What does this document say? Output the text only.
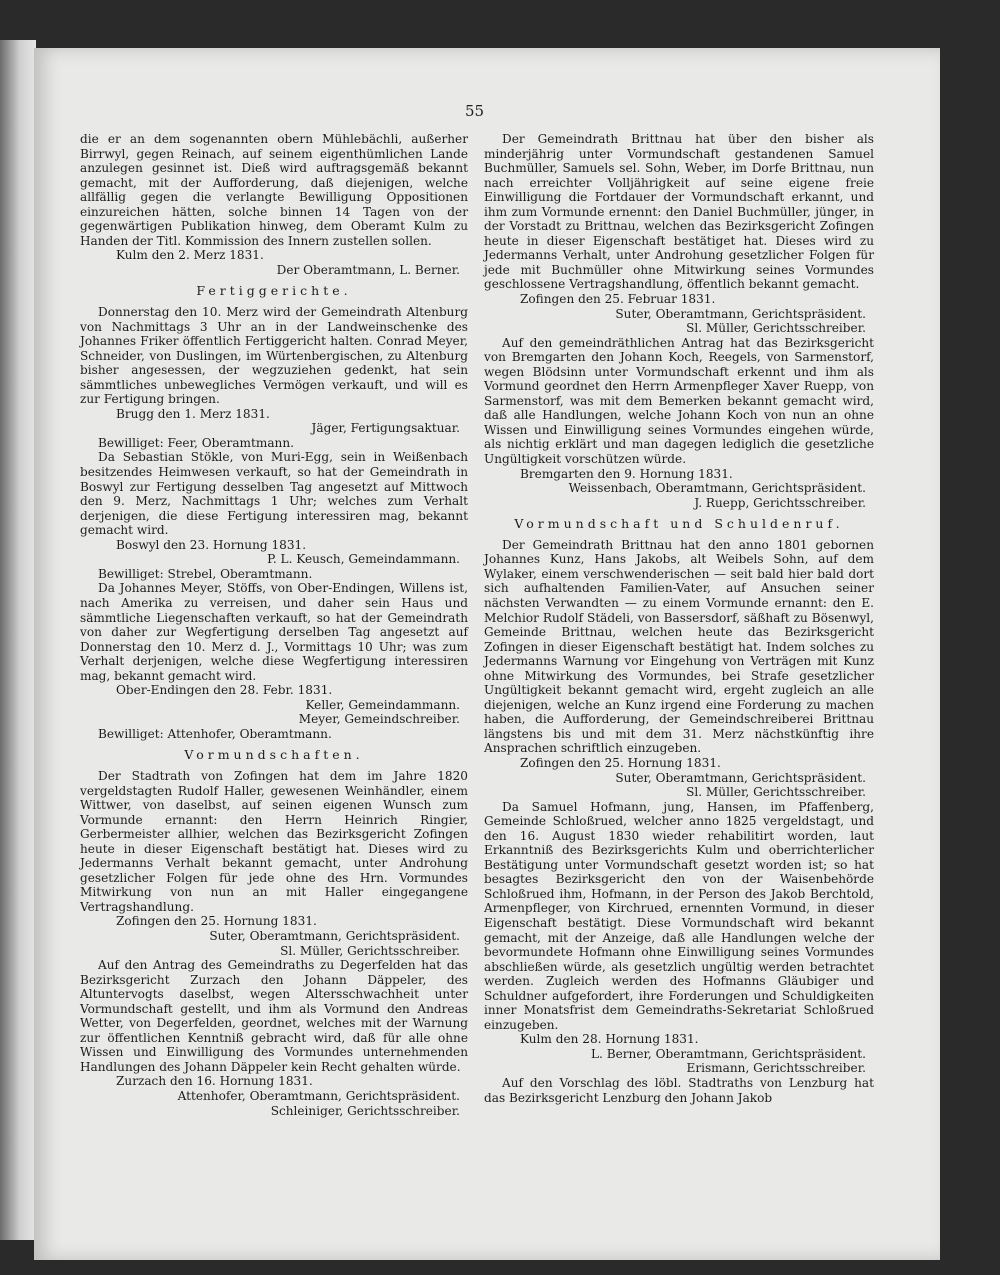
55

die er an dem sogenannten obern Mühlebächli, außerher Birrwyl, gegen Reinach, auf seinem eigenthümlichen Lande anzulegen gesinnet ist. Dieß wird auftragsgemäß bekannt gemacht, mit der Aufforderung, daß diejenigen, welche allfällig gegen die verlangte Bewilligung Oppositionen einzureichen hätten, solche binnen 14 Tagen von der gegenwärtigen Publikation hinweg, dem Oberamt Kulm zu Handen der Titl. Kommission des Innern zustellen sollen.

Kulm den 2. Merz 1831.

Der Oberamtmann, L. Berner.

Fertiggerichte.

Donnerstag den 10. Merz wird der Gemeindrath Altenburg von Nachmittags 3 Uhr an in der Landweinschenke des Johannes Friker öffentlich Fertiggericht halten. Conrad Meyer, Schneider, von Duslingen, im Würtenbergischen, zu Altenburg bisher angesessen, der wegzuziehen gedenkt, hat sein sämmtliches unbewegliches Vermögen verkauft, und will es zur Fertigung bringen.

Brugg den 1. Merz 1831.

Jäger, Fertigungsaktuar.

Bewilliget: Feer, Oberamtmann.

Da Sebastian Stökle, von Muri-Egg, sein in Weißenbach besitzendes Heimwesen verkauft, so hat der Gemeindrath in Boswyl zur Fertigung desselben Tag angesetzt auf Mittwoch den 9. Merz, Nachmittags 1 Uhr; welches zum Verhalt derjenigen, die diese Fertigung interessiren mag, bekannt gemacht wird.

Boswyl den 23. Hornung 1831.

P. L. Keusch, Gemeindammann.

Bewilliget: Strebel, Oberamtmann.

Da Johannes Meyer, Stöffs, von Ober-Endingen, Willens ist, nach Amerika zu verreisen, und daher sein Haus und sämmtliche Liegenschaften verkauft, so hat der Gemeindrath von daher zur Wegfertigung derselben Tag angesetzt auf Donnerstag den 10. Merz d. J., Vormittags 10 Uhr; was zum Verhalt derjenigen, welche diese Wegfertigung interessiren mag, bekannt gemacht wird.

Ober-Endingen den 28. Febr. 1831.

Keller, Gemeindammann.

Meyer, Gemeindschreiber.

Bewilliget: Attenhofer, Oberamtmann.

Vormundschaften.

Der Stadtrath von Zofingen hat dem im Jahre 1820 vergeldstagten Rudolf Haller, gewesenen Weinhändler, einem Wittwer, von daselbst, auf seinen eigenen Wunsch zum Vormunde ernannt: den Herrn Heinrich Ringier, Gerbermeister allhier, welchen das Bezirksgericht Zofingen heute in dieser Eigenschaft bestätigt hat. Dieses wird zu Jedermanns Verhalt bekannt gemacht, unter Androhung gesetzlicher Folgen für jede ohne des Hrn. Vormundes Mitwirkung von nun an mit Haller eingegangene Vertragshandlung.

Zofingen den 25. Hornung 1831.

Suter, Oberamtmann, Gerichtspräsident.

Sl. Müller, Gerichtsschreiber.

Auf den Antrag des Gemeindraths zu Degerfelden hat das Bezirksgericht Zurzach den Johann Däppeler, des Altuntervogts daselbst, wegen Altersschwachheit unter Vormundschaft gestellt, und ihm als Vormund den Andreas Wetter, von Degerfelden, geordnet, welches mit der Warnung zur öffentlichen Kenntniß gebracht wird, daß für alle ohne Wissen und Einwilligung des Vormundes unternehmenden Handlungen des Johann Däppeler kein Recht gehalten würde.

Zurzach den 16. Hornung 1831.

Attenhofer, Oberamtmann, Gerichtspräsident.

Schleiniger, Gerichtsschreiber.

Der Gemeindrath Brittnau hat über den bisher als minderjährig unter Vormundschaft gestandenen Samuel Buchmüller, Samuels sel. Sohn, Weber, im Dorfe Brittnau, nun nach erreichter Volljährigkeit auf seine eigene freie Einwilligung die Fortdauer der Vormundschaft erkannt, und ihm zum Vormunde ernennt: den Daniel Buchmüller, jünger, in der Vorstadt zu Brittnau, welchen das Bezirksgericht Zofingen heute in dieser Eigenschaft bestätiget hat. Dieses wird zu Jedermanns Verhalt, unter Androhung gesetzlicher Folgen für jede mit Buchmüller ohne Mitwirkung seines Vormundes geschlossene Vertragshandlung, öffentlich bekannt gemacht.

Zofingen den 25. Februar 1831.

Suter, Oberamtmann, Gerichtspräsident.

Sl. Müller, Gerichtsschreiber.

Auf den gemeindräthlichen Antrag hat das Bezirksgericht von Bremgarten den Johann Koch, Reegels, von Sarmenstorf, wegen Blödsinn unter Vormundschaft erkennt und ihm als Vormund geordnet den Herrn Armenpfleger Xaver Ruepp, von Sarmenstorf, was mit dem Bemerken bekannt gemacht wird, daß alle Handlungen, welche Johann Koch von nun an ohne Wissen und Einwilligung seines Vormundes eingehen würde, als nichtig erklärt und man dagegen lediglich die gesetzliche Ungültigkeit vorschützen würde.

Bremgarten den 9. Hornung 1831.

Weissenbach, Oberamtmann, Gerichtspräsident.

J. Ruepp, Gerichtsschreiber.

Vormundschaft und Schuldenruf.

Der Gemeindrath Brittnau hat den anno 1801 gebornen Johannes Kunz, Hans Jakobs, alt Weibels Sohn, auf dem Wylaker, einem verschwenderischen — seit bald hier bald dort sich aufhaltenden Familien-Vater, auf Ansuchen seiner nächsten Verwandten — zu einem Vormunde ernannt: den E. Melchior Rudolf Städeli, von Bassersdorf, säßhaft zu Bösenwyl, Gemeinde Brittnau, welchen heute das Bezirksgericht Zofingen in dieser Eigenschaft bestätigt hat. Indem solches zu Jedermanns Warnung vor Eingehung von Verträgen mit Kunz ohne Mitwirkung des Vormundes, bei Strafe gesetzlicher Ungültigkeit bekannt gemacht wird, ergeht zugleich an alle diejenigen, welche an Kunz irgend eine Forderung zu machen haben, die Aufforderung, der Gemeindschreiberei Brittnau längstens bis und mit dem 31. Merz nächstkünftig ihre Ansprachen schriftlich einzugeben.

Zofingen den 25. Hornung 1831.

Suter, Oberamtmann, Gerichtspräsident.

Sl. Müller, Gerichtsschreiber.

Da Samuel Hofmann, jung, Hansen, im Pfaffenberg, Gemeinde Schloßrued, welcher anno 1825 vergeldstagt, und den 16. August 1830 wieder rehabilitirt worden, laut Erkanntniß des Bezirksgerichts Kulm und oberrichterlicher Bestätigung unter Vormundschaft gesetzt worden ist; so hat besagtes Bezirksgericht den von der Waisenbehörde Schloßrued ihm, Hofmann, in der Person des Jakob Berchtold, Armenpfleger, von Kirchrued, ernennten Vormund, in dieser Eigenschaft bestätigt. Diese Vormundschaft wird bekannt gemacht, mit der Anzeige, daß alle Handlungen welche der bevormundete Hofmann ohne Einwilligung seines Vormundes abschließen würde, als gesetzlich ungültig werden betrachtet werden. Zugleich werden des Hofmanns Gläubiger und Schuldner aufgefordert, ihre Forderungen und Schuldigkeiten inner Monatsfrist dem Gemeindraths-Sekretariat Schloßrued einzugeben.

Kulm den 28. Hornung 1831.

L. Berner, Oberamtmann, Gerichtspräsident.

Erismann, Gerichtsschreiber.

Auf den Vorschlag des löbl. Stadtraths von Lenzburg hat das Bezirksgericht Lenzburg den Johann Jakob
